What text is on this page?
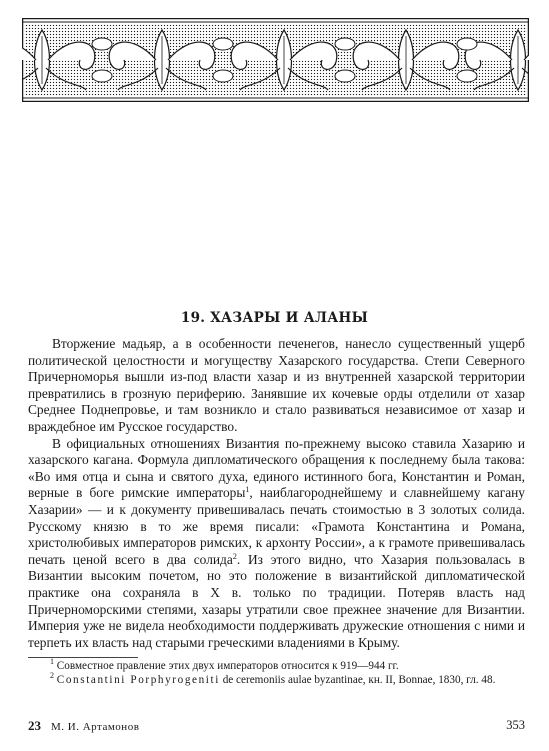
19. ХАЗАРЫ И АЛАНЫ

Вторжение мадьяр, а в особенности печенегов, нанесло существенный ущерб политической целостности и могуществу Хазарского государства. Степи Северного Причерноморья вышли из-под власти хазар и из внутренней хазарской территории превратились в грозную периферию. Занявшие их кочевые орды отделили от хазар Среднее Поднепровье, и там возникло и стало развиваться независимое от хазар и враждебное им Русское государство.

В официальных отношениях Византия по-прежнему высоко ставила Хазарию и хазарского кагана. Формула дипломатического обращения к последнему была такова: «Во имя отца и сына и святого духа, единого истинного бога, Константин и Роман, верные в боге римские императоры$^1$, наиблагороднейшему и славнейшему кагану Хазарии» — и к документу привешивалась печать стоимостью в 3 золотых солида. Русскому князю в то же время писали: «Грамота Константина и Романа, христолюбивых императоров римских, к архонту России», а к грамоте привешивалась печать ценой всего в два солида$^2$. Из этого видно, что Хазария пользовалась в Византии высоким почетом, но это положение в византийской дипломатической практике она сохраняла в X в. только по традиции. Потеряв власть над Причерноморскими степями, хазары утратили свое прежнее значение для Византии. Империя уже не видела необходимости поддерживать дружеские отношения с ними и терпеть их власть над старыми греческими владениями в Крыму.

$^1$ Совместное правление этих двух императоров относится к 919—944 гг.

$^2$ Constantini Porphyrogeniti de ceremoniis aulae byzantinae, кн. II, Bonnae, 1830, гл. 48.

23 М. И. Артамонов	353
